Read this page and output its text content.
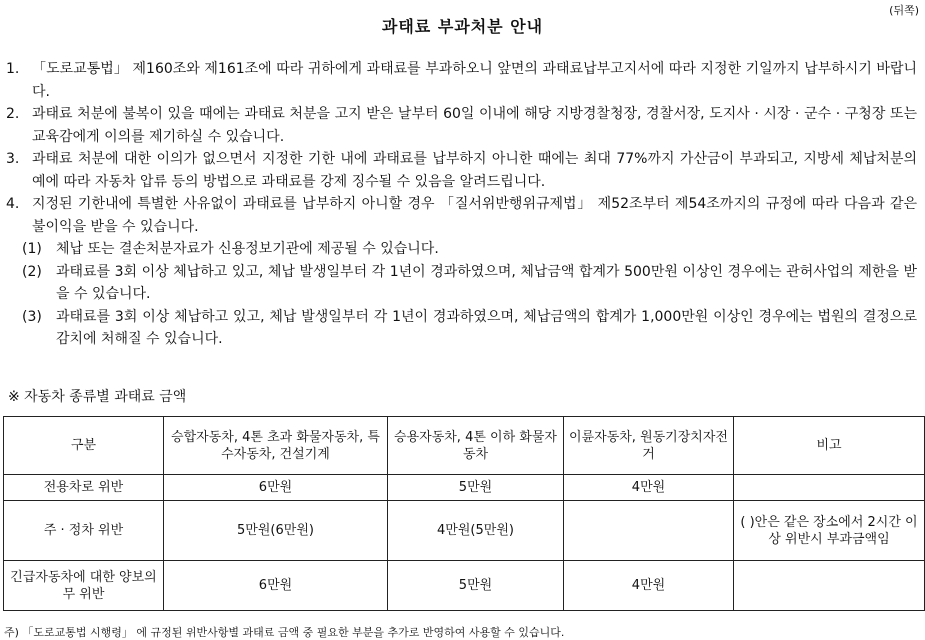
(뒤쪽)
과태료 부과처분 안내
1. 「도로교통법」 제160조와 제161조에 따라 귀하에게 과태료를 부과하오니 앞면의 과태료납부고지서에 따라 지정한 기일까지 납부하시기 바랍니다.
2. 과태료 처분에 불복이 있을 때에는 과태료 처분을 고지 받은 날부터 60일 이내에 해당 지방경찰청장, 경찰서장, 도지사 · 시장 · 군수 · 구청장 또는 교육감에게 이의를 제기하실 수 있습니다.
3. 과태료 처분에 대한 이의가 없으면서 지정한 기한 내에 과태료를 납부하지 아니한 때에는 최대 77%까지 가산금이 부과되고, 지방세 체납처분의 예에 따라 자동차 압류 등의 방법으로 과태료를 강제 징수될 수 있음을 알려드립니다.
4. 지정된 기한내에 특별한 사유없이 과태료를 납부하지 아니할 경우 「질서위반행위규제법」 제52조부터 제54조까지의 규정에 따라 다음과 같은 불이익을 받을 수 있습니다.
(1)	체납 또는 결손처분자료가 신용정보기관에 제공될 수 있습니다.
(2)	과태료를 3회 이상 체납하고 있고, 체납 발생일부터 각 1년이 경과하였으며, 체납금액 합계가 500만원 이상인 경우에는 관허사업의 제한을 받을 수 있습니다.
(3)	과태료를 3회 이상 체납하고 있고, 체납 발생일부터 각 1년이 경과하였으며, 체납금액의 합계가 1,000만원 이상인 경우에는 법원의 결정으로 감치에 처해질 수 있습니다.
※ 자동차 종류별 과태료 금액
구분	승합자동차, 4톤 초과 화물자동차, 특수자동차, 건설기계	승용자동차, 4톤 이하 화물자동차	이륜자동차, 원동기장치자전거	비고
전용차로 위반	6만원	5만원	4만원	
주 · 정차 위반	5만원(6만원)	4만원(5만원)		( )안은 같은 장소에서 2시간 이상 위반시 부과금액임
긴급자동차에 대한 양보의무 위반	6만원	5만원	4만원	
주) 「도로교통법 시행령」 에 규정된 위반사항별 과태료 금액 중 필요한 부분을 추가로 반영하여 사용할 수 있습니다.
